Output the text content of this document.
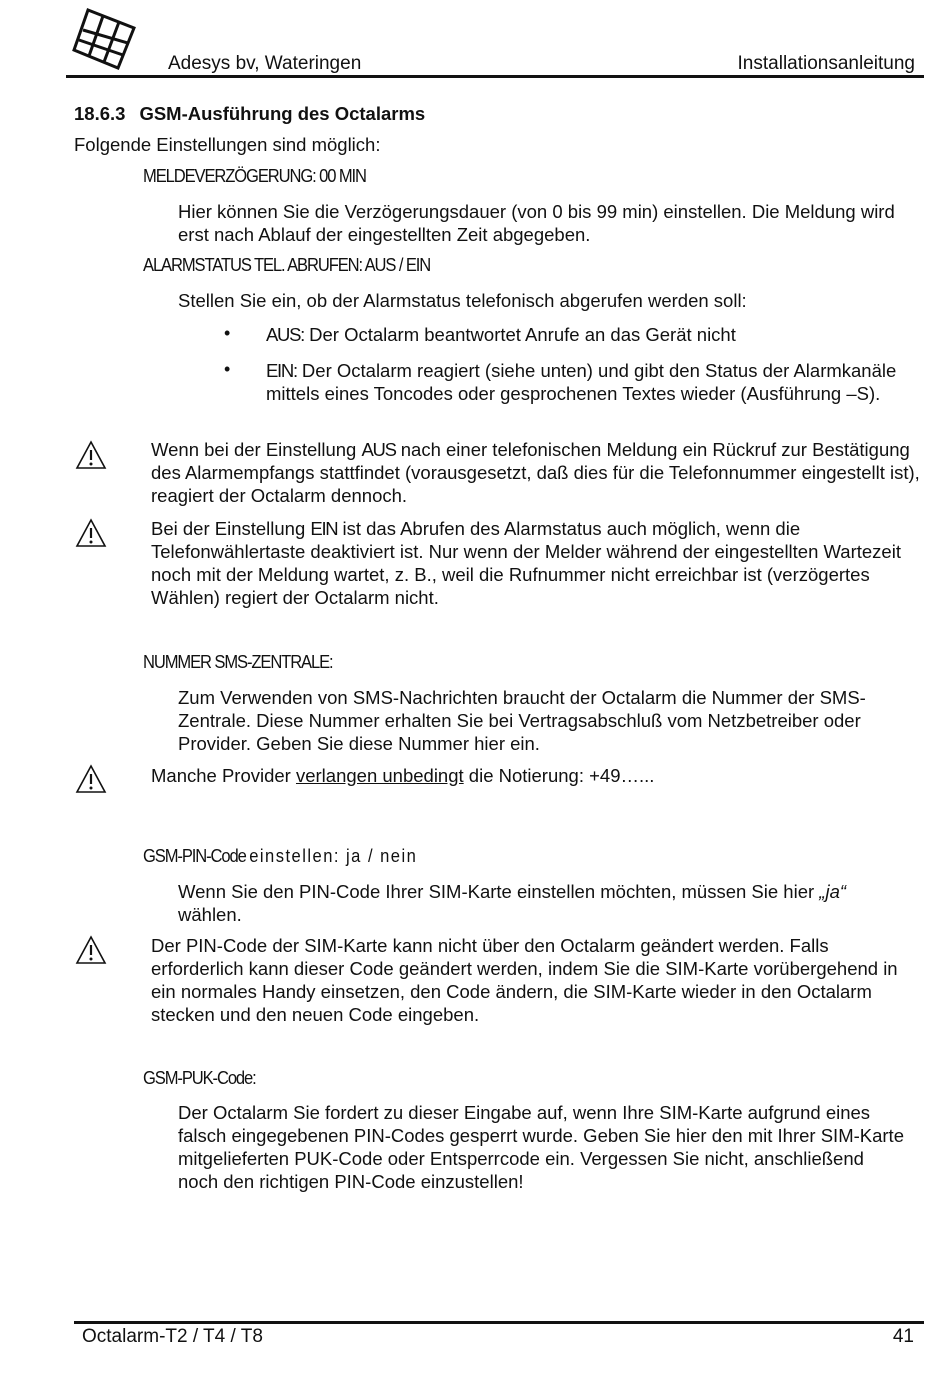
Adesys bv, Wateringen	Installationsanleitung
18.6.3 GSM-Ausführung des Octalarms
Folgende Einstellungen sind möglich:
MELDEVERZÖGERUNG: 00 MIN
Hier können Sie die Verzögerungsdauer (von 0 bis 99 min) einstellen. Die Meldung wird erst nach Ablauf der eingestellten Zeit abgegeben.
ALARMSTATUS TEL. ABRUFEN: AUS / EIN
Stellen Sie ein, ob der Alarmstatus telefonisch abgerufen werden soll:
• AUS: Der Octalarm beantwortet Anrufe an das Gerät nicht
• EIN: Der Octalarm reagiert (siehe unten) und gibt den Status der Alarmkanäle mittels eines Toncodes oder gesprochenen Textes wieder (Ausführung –S).
Wenn bei der Einstellung AUS nach einer telefonischen Meldung ein Rückruf zur Bestätigung des Alarmempfangs stattfindet (vorausgesetzt, daß dies für die Telefonnummer eingestellt ist), reagiert der Octalarm dennoch.
Bei der Einstellung EIN ist das Abrufen des Alarmstatus auch möglich, wenn die Telefonwählertaste deaktiviert ist. Nur wenn der Melder während der eingestellten Wartezeit noch mit der Meldung wartet, z. B., weil die Rufnummer nicht erreichbar ist (verzögertes Wählen) regiert der Octalarm nicht.
NUMMER SMS-ZENTRALE:
Zum Verwenden von SMS-Nachrichten braucht der Octalarm die Nummer der SMS-Zentrale. Diese Nummer erhalten Sie bei Vertragsabschluß vom Netzbetreiber oder Provider. Geben Sie diese Nummer hier ein.
Manche Provider verlangen unbedingt die Notierung: +49…...
GSM-PIN-Code einstellen: ja / nein
Wenn Sie den PIN-Code Ihrer SIM-Karte einstellen möchten, müssen Sie hier „ja“ wählen.
Der PIN-Code der SIM-Karte kann nicht über den Octalarm geändert werden. Falls erforderlich kann dieser Code geändert werden, indem Sie die SIM-Karte vorübergehend in ein normales Handy einsetzen, den Code ändern, die SIM-Karte wieder in den Octalarm stecken und den neuen Code eingeben.
GSM-PUK-Code:
Der Octalarm Sie fordert zu dieser Eingabe auf, wenn Ihre SIM-Karte aufgrund eines falsch eingegebenen PIN-Codes gesperrt wurde. Geben Sie hier den mit Ihrer SIM-Karte mitgelieferten PUK-Code oder Entsperrcode ein. Vergessen Sie nicht, anschließend noch den richtigen PIN-Code einzustellen!
Octalarm-T2 / T4 / T8	41
